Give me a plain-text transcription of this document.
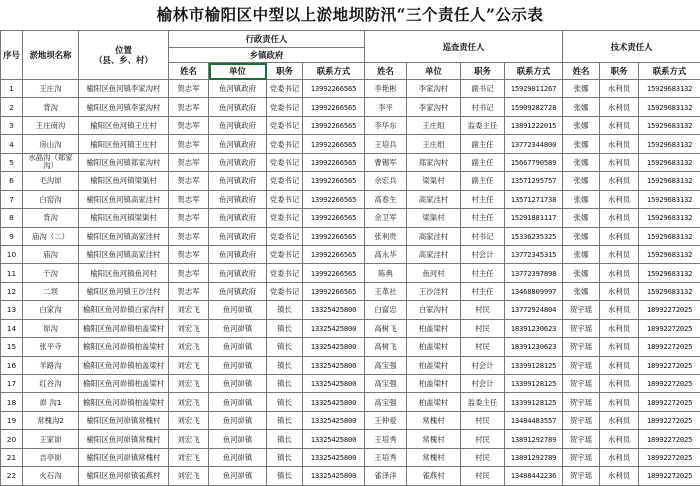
榆林市榆阳区中型以上淤地坝防汛“三个责任人”公示表
序号	淤地坝名称	位置
（县、乡、村）	行政责任人				巡查责任人				技术责任人		
			乡镇政府										
			姓名	单位	职务	联系方式	姓名	单位	职务	联系方式	姓名	职务	联系方式
1	王庄沟	榆阳区鱼河镇李家沟村	贺志军	鱼河镇政府	党委书记	13992266565	李艳彬	李家沟村	副书记	15929011267	张娜	水利员	15929683132
2	背沟	榆阳区鱼河镇李家沟村	贺志军	鱼河镇政府	党委书记	13992266565	李平	李家沟村	村书记	15909282728	张娜	水利员	15929683132
3	王庄南沟	榆阳区鱼河镇王庄村	贺志军	鱼河镇政府	党委书记	13992266565	李华东	王庄组	监委主任	13891222015	张娜	水利员	15929683132
4	房山沟	榆阳区鱼河镇王庄村	贺志军	鱼河镇政府	党委书记	13992266565	王培兵	王庄组	副主任	13772344800	张娜	水利员	15929683132
5	水晶沟（郑家沟）	榆阳区鱼河镇郑家沟村	贺志军	鱼河镇政府	党委书记	13992266565	曹锡军	郑家沟村	副主任	15667790589	张娜	水利员	15929683132
6	毛沟峁	榆阳区鱼河镇梁渠村	贺志军	鱼河镇政府	党委书记	13992266565	余宏兵	梁渠村	副主任	13571295757	张娜	水利员	15929683132
7	白窑沟	榆阳区鱼河镇高家洼村	贺志军	鱼河镇政府	党委书记	13992266565	高春生	高家洼村	村主任	13571271738	张娜	水利员	15929683132
8	背沟	榆阳区鱼河镇梁渠村	贺志军	鱼河镇政府	党委书记	13992266565	余卫军	梁渠村	村主任	15291881117	张娜	水利员	15929683132
9	庙沟（二）	榆阳区鱼河镇高家洼村	贺志军	鱼河镇政府	党委书记	13992266565	张利贵	高家洼村	村书记	15336235325	张娜	水利员	15929683132
10	庙沟	榆阳区鱼河镇高家洼村	贺志军	鱼河镇政府	党委书记	13992266565	高永华	高家洼村	村会计	13772345315	张娜	水利员	15929683132
11	干沟	榆阳区鱼河镇鱼河村	贺志军	鱼河镇政府	党委书记	13992266565	陈典	鱼河村	村主任	13772397898	张娜	水利员	15929683132
12	二坝	榆阳区鱼河镇王沙洼村	贺志军	鱼河镇政府	党委书记	13992266565	王革社	王沙洼村	村主任	13468809997	张娜	水利员	15929683132
13	白家沟	榆阳区鱼河峁镇白家沟村	刘宏飞	鱼河峁镇	镇长	13325425800	白富忠	白家沟村	村民	13772924804	贺宇瑶	水利员	18992272025
14	峁沟	榆阳区鱼河峁镇柏盖梁村	刘宏飞	鱼河峁镇	镇长	13325425800	高树飞	柏盖梁村	村民	18391230623	贺宇瑶	水利员	18992272025
15	张平寺	榆阳区鱼河峁镇柏盖梁村	刘宏飞	鱼河峁镇	镇长	13325425800	高树飞	柏盖梁村	村民	18391230623	贺宇瑶	水利员	18992272025
16	羊路沟	榆阳区鱼河峁镇柏盖梁村	刘宏飞	鱼河峁镇	镇长	13325425800	高宝强	柏盖梁村	村会计	13399128125	贺宇瑶	水利员	18992272025
17	红谷沟	榆阳区鱼河峁镇柏盖梁村	刘宏飞	鱼河峁镇	镇长	13325425800	高宝强	柏盖梁村	村会计	13399128125	贺宇瑶	水利员	18992272025
18	峁 沟1	榆阳区鱼河峁镇柏盖梁村	刘宏飞	鱼河峁镇	镇长	13325425800	高宝强	柏盖梁村	监委主任	13399128125	贺宇瑶	水利员	18992272025
19	常槐沟2	榆阳区鱼河峁镇常槐村	刘宏飞	鱼河峁镇	镇长	13325425800	王仲爱	常槐村	村民	13484483557	贺宇瑶	水利员	18992272025
20	王家峁	榆阳区鱼河峁镇常槐村	刘宏飞	鱼河峁镇	镇长	13325425800	王培秀	常槐村	村民	13891292789	贺宇瑶	水利员	18992272025
21	吉亭峁	榆阳区鱼河峁镇常槐村	刘宏飞	鱼河峁镇	镇长	13325425800	王培秀	常槐村	村民	13891292789	贺宇瑶	水利员	18992272025
22	火石沟	榆阳区鱼河峁镇雀燕村	刘宏飞	鱼河峁镇	镇长	13325425800	雀泽洋	雀燕村	村民	13488442236	贺宇瑶	水利员	18992272025
